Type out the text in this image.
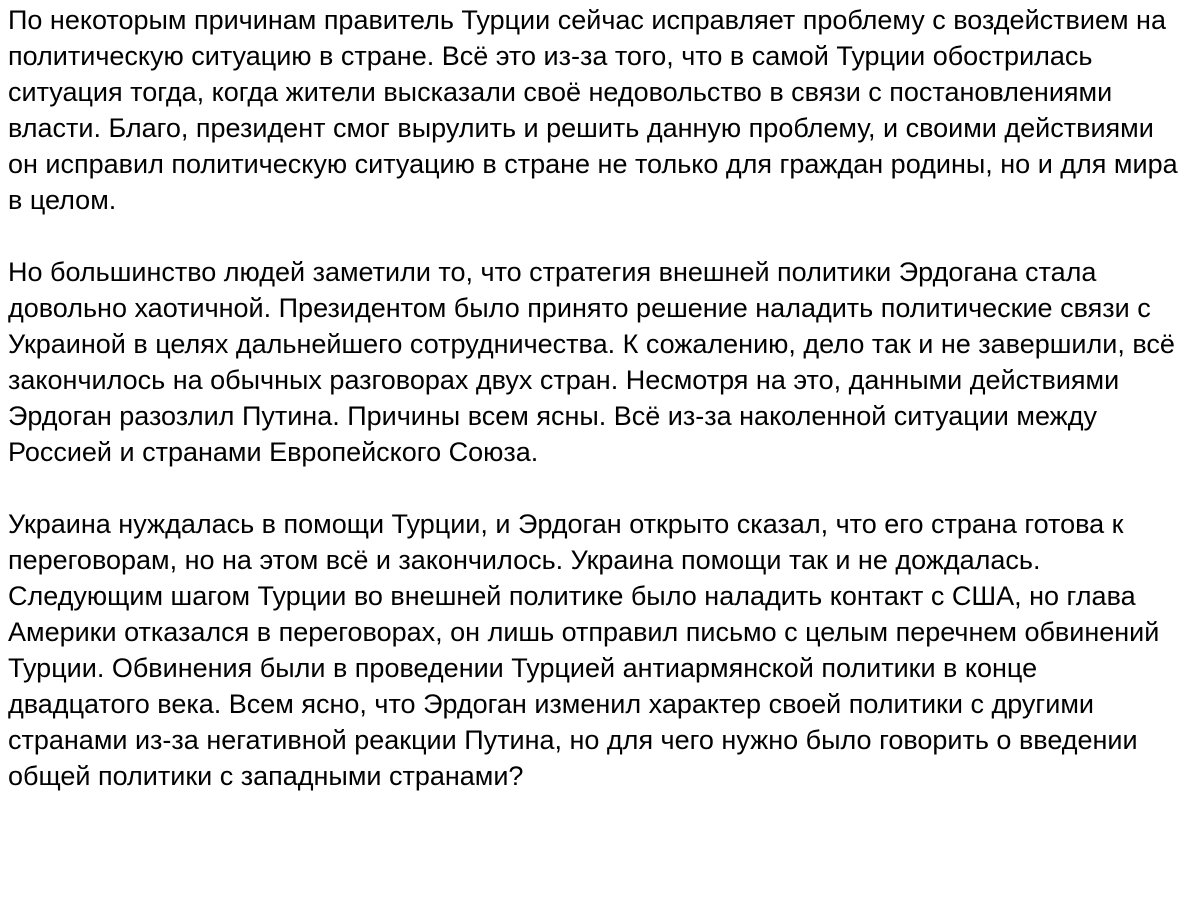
По некоторым причинам правитель Турции сейчас исправляет проблему с воздействием на политическую ситуацию в стране. Всё это из-за того, что в самой Турции обострилась ситуация тогда, когда жители высказали своё недовольство в связи с постановлениями власти. Благо, президент смог вырулить и решить данную проблему, и своими действиями он исправил политическую ситуацию в стране не только для граждан родины, но и для мира в целом.

Но большинство людей заметили то, что стратегия внешней политики Эрдогана стала довольно хаотичной. Президентом было принято решение наладить политические связи с Украиной в целях дальнейшего сотрудничества. К сожалению, дело так и не завершили, всё закончилось на обычных разговорах двух стран. Несмотря на это, данными действиями Эрдоган разозлил Путина. Причины всем ясны. Всё из-за наколенной ситуации между Россией и странами Европейского Союза.

Украина нуждалась в помощи Турции, и Эрдоган открыто сказал, что его страна готова к переговорам, но на этом всё и закончилось. Украина помощи так и не дождалась. Следующим шагом Турции во внешней политике было наладить контакт с США, но глава Америки отказался в переговорах, он лишь отправил письмо с целым перечнем обвинений Турции. Обвинения были в проведении Турцией антиармянской политики в конце двадцатого века. Всем ясно, что Эрдоган изменил характер своей политики с другими странами из-за негативной реакции Путина, но для чего нужно было говорить о введении общей политики с западными странами?
